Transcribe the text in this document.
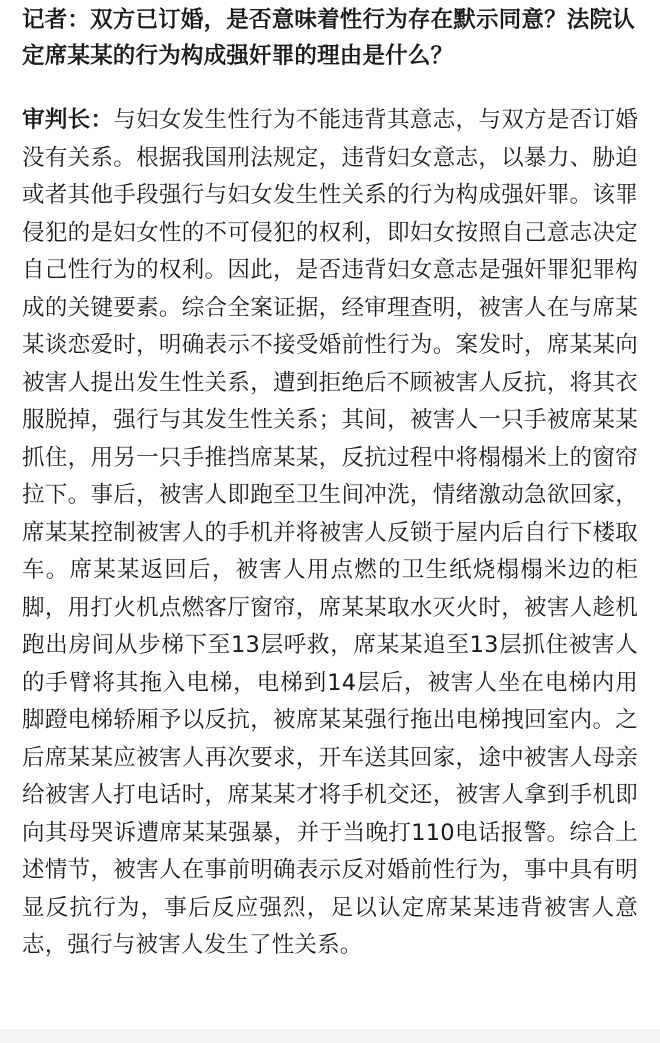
记者：双方已订婚，是否意味着性行为存在默示同意？法院认定席某某的行为构成强奸罪的理由是什么？

审判长：与妇女发生性行为不能违背其意志，与双方是否订婚没有关系。根据我国刑法规定，违背妇女意志，以暴力、胁迫或者其他手段强行与妇女发生性关系的行为构成强奸罪。该罪侵犯的是妇女性的不可侵犯的权利，即妇女按照自己意志决定自己性行为的权利。因此，是否违背妇女意志是强奸罪犯罪构成的关键要素。综合全案证据，经审理查明，被害人在与席某某谈恋爱时，明确表示不接受婚前性行为。案发时，席某某向被害人提出发生性关系，遭到拒绝后不顾被害人反抗，将其衣服脱掉，强行与其发生性关系；其间，被害人一只手被席某某抓住，用另一只手推挡席某某，反抗过程中将榻榻米上的窗帘拉下。事后，被害人即跑至卫生间冲洗，情绪激动急欲回家，席某某控制被害人的手机并将被害人反锁于屋内后自行下楼取车。席某某返回后，被害人用点燃的卫生纸烧榻榻米边的柜脚，用打火机点燃客厅窗帘，席某某取水灭火时，被害人趁机跑出房间从步梯下至13层呼救，席某某追至13层抓住被害人的手臂将其拖入电梯，电梯到14层后，被害人坐在电梯内用脚蹬电梯轿厢予以反抗，被席某某强行拖出电梯拽回室内。之后席某某应被害人再次要求，开车送其回家，途中被害人母亲给被害人打电话时，席某某才将手机交还，被害人拿到手机即向其母哭诉遭席某某强暴，并于当晚打110电话报警。综合上述情节，被害人在事前明确表示反对婚前性行为，事中具有明显反抗行为，事后反应强烈，足以认定席某某违背被害人意志，强行与被害人发生了性关系。
